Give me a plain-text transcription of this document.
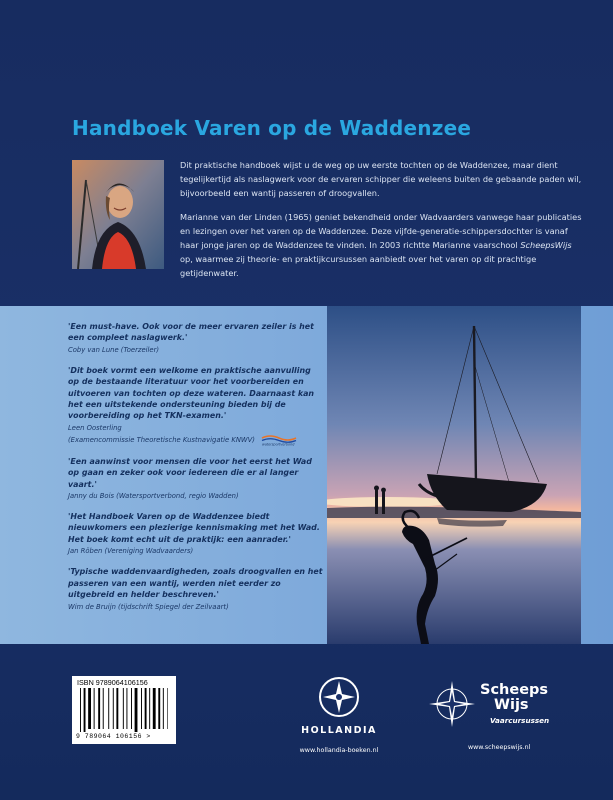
Handboek Varen op de Waddenzee

Dit praktische handboek wijst u de weg op uw eerste tochten op de Waddenzee, maar dient tegelijkertijd als naslagwerk voor de ervaren schipper die weleens buiten de gebaande paden wil, bijvoorbeeld een wantij passeren of droogvallen.

Marianne van der Linden (1965) geniet bekendheid onder Wadvaarders vanwege haar publicaties en lezingen over het varen op de Waddenzee. Deze vijfde-generatie-schippersdochter is vanaf haar jonge jaren op de Waddenzee te vinden. In 2003 richtte Marianne vaarschool ScheepsWijs op, waarmee zij theorie- en praktijkcursussen aanbiedt over het varen op dit prachtige getijdenwater.

'Een must-have. Ook voor de meer ervaren zeiler is het een compleet naslagwerk.'

Coby van Lune (Toerzeiler)

'Dit boek vormt een welkome en praktische aanvulling op de bestaande literatuur voor het voorbereiden en uitvoeren van tochten op deze wateren. Daarnaast kan het een uitstekende ondersteuning bieden bij de voorbereiding op het TKN-examen.'

Leen Oosterling

(Examencommissie Theoretische Kustnavigatie KNWV)
watersportverbond

'Een aanwinst voor mensen die voor het eerst het Wad op gaan en zeker ook voor iedereen die er al langer vaart.'

Janny du Bois (Watersportverbond, regio Wadden)

'Het Handboek Varen op de Waddenzee biedt nieuwkomers een plezierige kennismaking met het Wad. Het boek komt echt uit de praktijk: een aanrader.'

Jan Röben (Vereniging Wadvaarders)

'Typische waddenvaardigheden, zoals droogvallen en het passeren van een wantij, werden niet eerder zo uitgebreid en helder beschreven.'

Wim de Bruijn (tijdschrift Spiegel der Zeilvaart)

ISBN 9789064106156
9 789064 106156 >
HOLLANDIA
www.hollandia-boeken.nl
Scheeps
Wijs
Vaarcursussen
www.scheepswijs.nl
